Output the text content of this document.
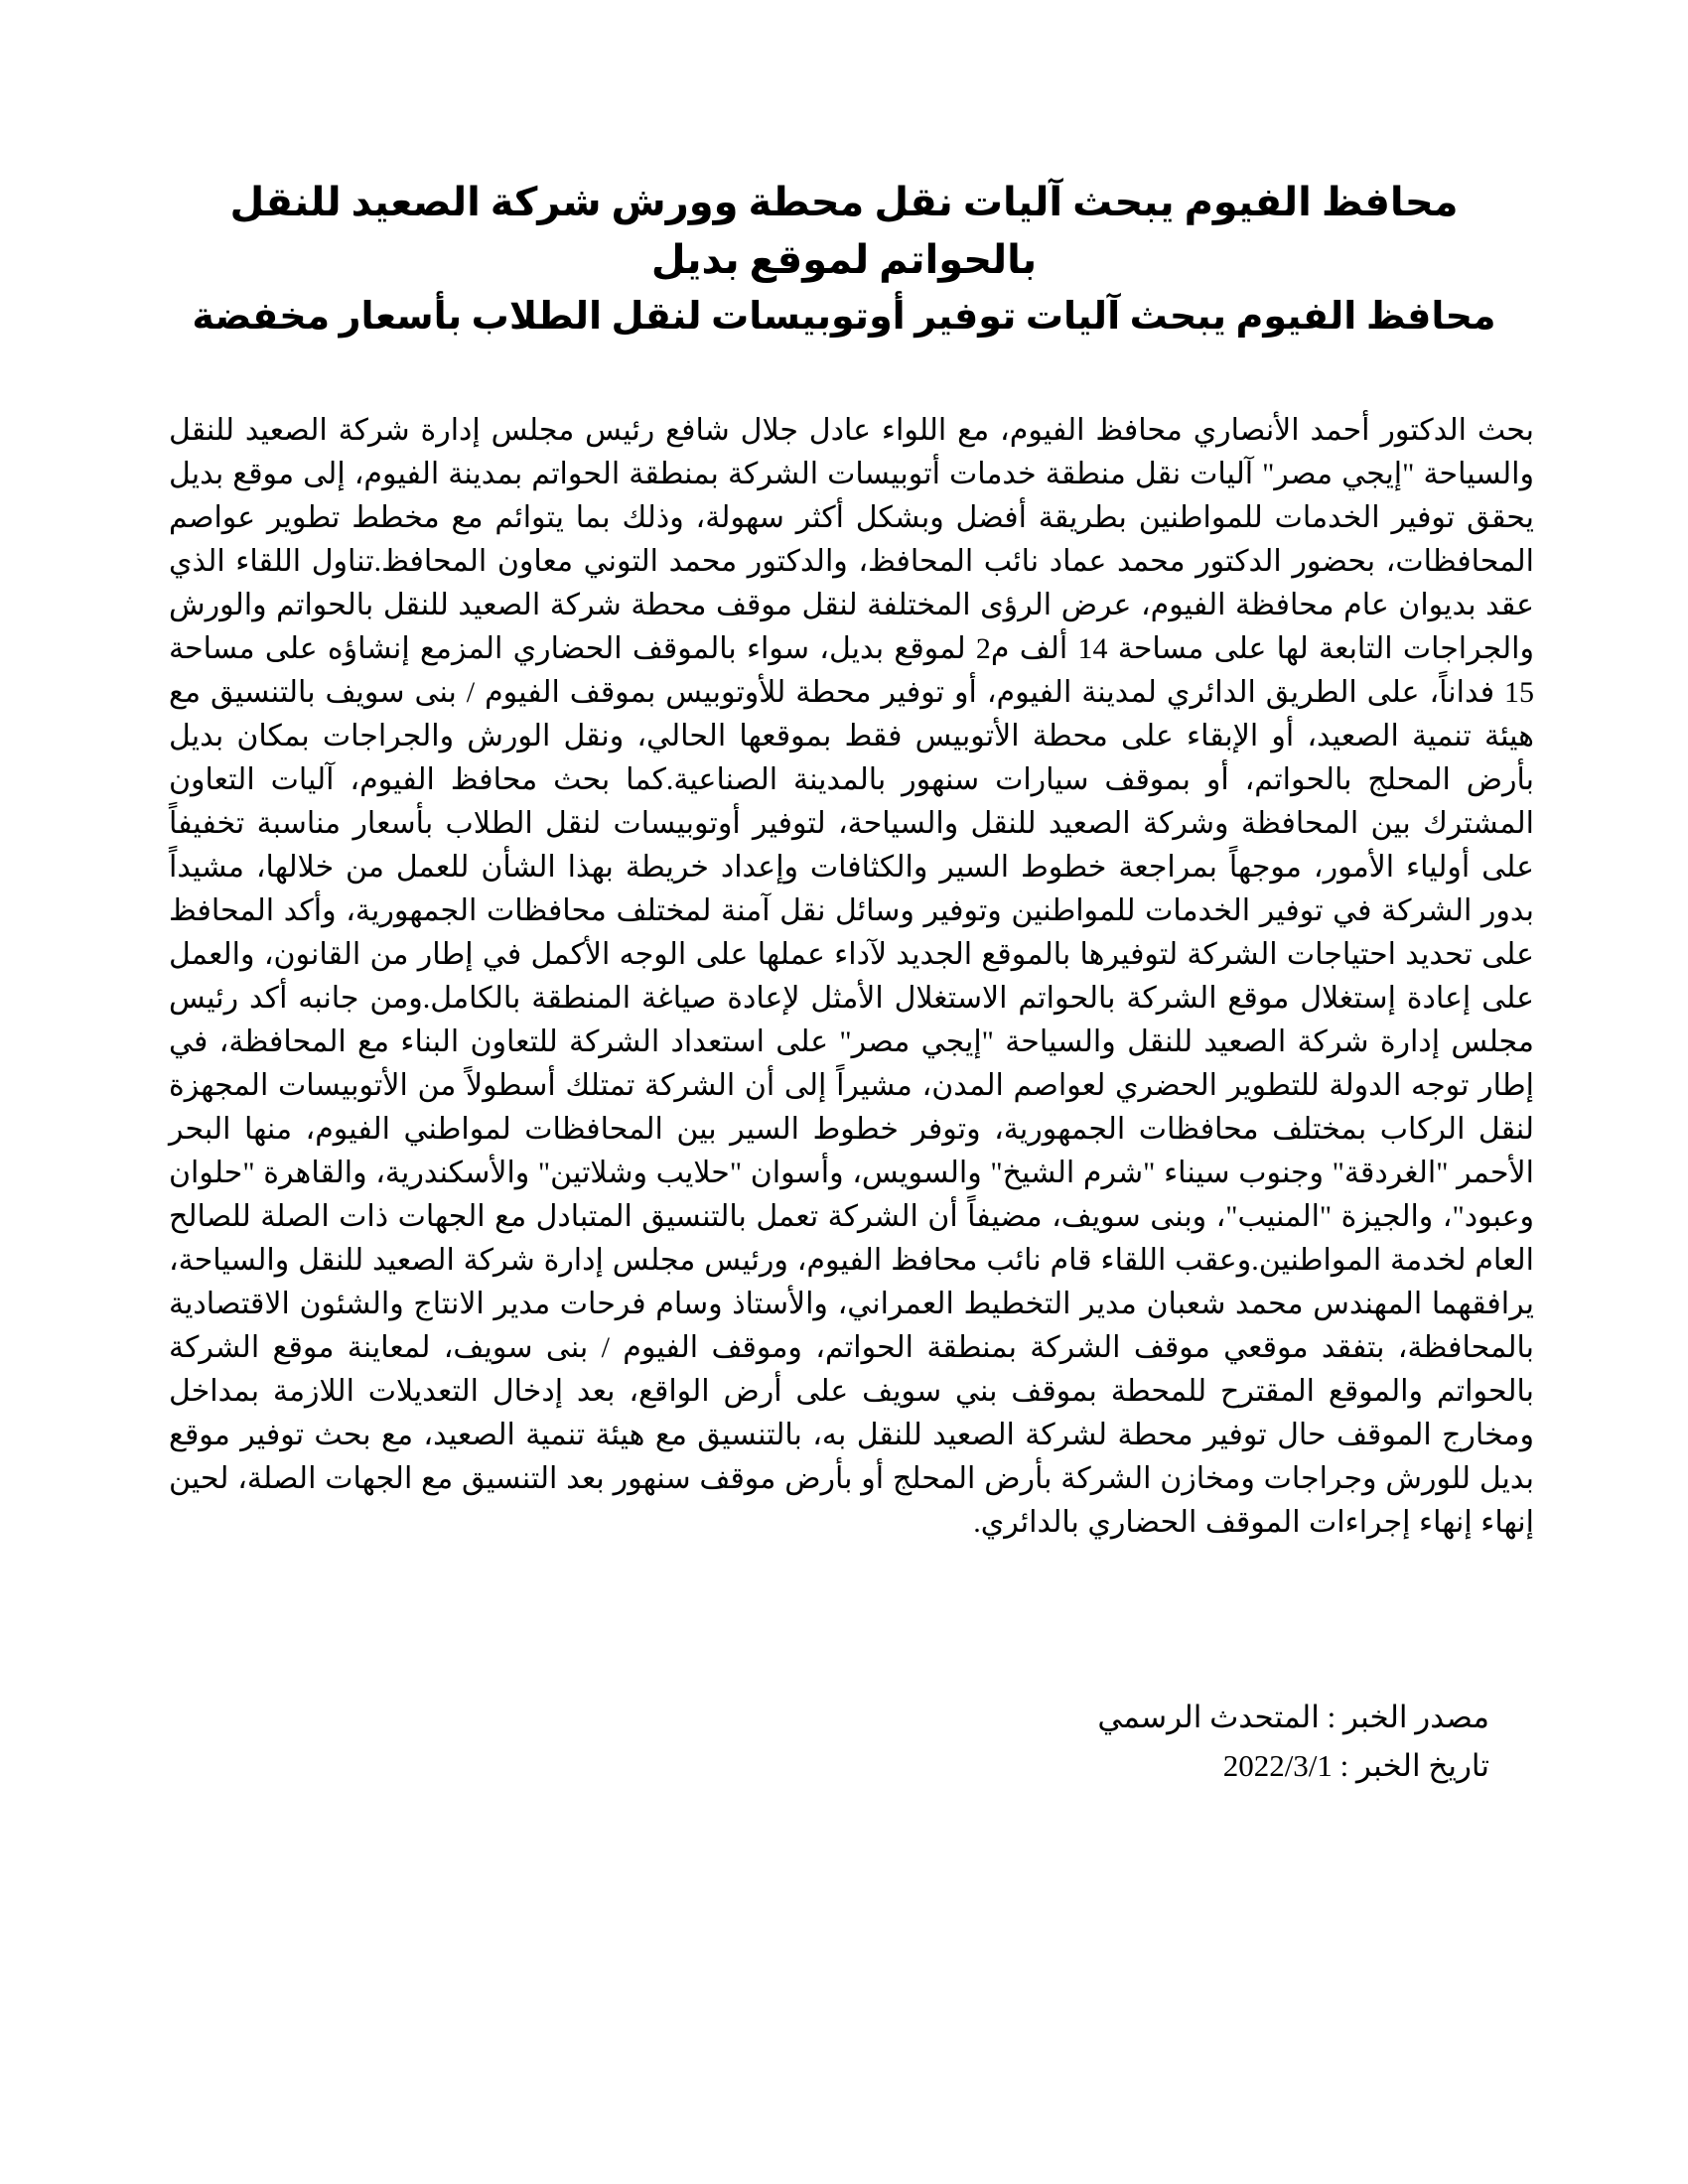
محافظ الفيوم يبحث آليات نقل محطة وورش شركة الصعيد للنقل بالحواتم لموقع بديل
محافظ الفيوم يبحث آليات توفير أوتوبيسات لنقل الطلاب بأسعار مخفضة

بحث الدكتور أحمد الأنصاري محافظ الفيوم، مع اللواء عادل جلال شافع رئيس مجلس إدارة شركة الصعيد للنقل والسياحة "إيجي مصر" آليات نقل منطقة خدمات أتوبيسات الشركة بمنطقة الحواتم بمدينة الفيوم، إلى موقع بديل يحقق توفير الخدمات للمواطنين بطريقة أفضل وبشكل أكثر سهولة، وذلك بما يتوائم مع مخطط تطوير عواصم المحافظات، بحضور الدكتور محمد عماد نائب المحافظ، والدكتور محمد التوني معاون المحافظ.تناول اللقاء الذي عقد بديوان عام محافظة الفيوم، عرض الرؤى المختلفة لنقل موقف محطة شركة الصعيد للنقل بالحواتم والورش والجراجات التابعة لها على مساحة 14 ألف م2 لموقع بديل، سواء بالموقف الحضاري المزمع إنشاؤه على مساحة 15 فداناً، على الطريق الدائري لمدينة الفيوم، أو توفير محطة للأوتوبيس بموقف الفيوم / بنى سويف بالتنسيق مع هيئة تنمية الصعيد، أو الإبقاء على محطة الأتوبيس فقط بموقعها الحالي، ونقل الورش والجراجات بمكان بديل بأرض المحلج بالحواتم، أو بموقف سيارات سنهور بالمدينة الصناعية.كما بحث محافظ الفيوم، آليات التعاون المشترك بين المحافظة وشركة الصعيد للنقل والسياحة، لتوفير أوتوبيسات لنقل الطلاب بأسعار مناسبة تخفيفاً على أولياء الأمور، موجهاً بمراجعة خطوط السير والكثافات وإعداد خريطة بهذا الشأن للعمل من خلالها، مشيداً بدور الشركة في توفير الخدمات للمواطنين وتوفير وسائل نقل آمنة لمختلف محافظات الجمهورية، وأكد المحافظ على تحديد احتياجات الشركة لتوفيرها بالموقع الجديد لآداء عملها على الوجه الأكمل في إطار من القانون، والعمل على إعادة إستغلال موقع الشركة بالحواتم الاستغلال الأمثل لإعادة صياغة المنطقة بالكامل.ومن جانبه أكد رئيس مجلس إدارة شركة الصعيد للنقل والسياحة "إيجي مصر" على استعداد الشركة للتعاون البناء مع المحافظة، في إطار توجه الدولة للتطوير الحضري لعواصم المدن، مشيراً إلى أن الشركة تمتلك أسطولاً من الأتوبيسات المجهزة لنقل الركاب بمختلف محافظات الجمهورية، وتوفر خطوط السير بين المحافظات لمواطني الفيوم، منها البحر الأحمر "الغردقة" وجنوب سيناء "شرم الشيخ" والسويس، وأسوان "حلايب وشلاتين" والأسكندرية، والقاهرة "حلوان وعبود"، والجيزة "المنيب"، وبنى سويف، مضيفاً أن الشركة تعمل بالتنسيق المتبادل مع الجهات ذات الصلة للصالح العام لخدمة المواطنين.وعقب اللقاء قام نائب محافظ الفيوم، ورئيس مجلس إدارة شركة الصعيد للنقل والسياحة، يرافقهما المهندس محمد شعبان مدير التخطيط العمراني، والأستاذ وسام فرحات مدير الانتاج والشئون الاقتصادية بالمحافظة، بتفقد موقعي موقف الشركة بمنطقة الحواتم، وموقف الفيوم / بنى سويف، لمعاينة موقع الشركة بالحواتم والموقع المقترح للمحطة بموقف بني سويف على أرض الواقع، بعد إدخال التعديلات اللازمة بمداخل ومخارج الموقف حال توفير محطة لشركة الصعيد للنقل به، بالتنسيق مع هيئة تنمية الصعيد، مع بحث توفير موقع بديل للورش وجراجات ومخازن الشركة بأرض المحلج أو بأرض موقف سنهور بعد التنسيق مع الجهات الصلة، لحين إنهاء إنهاء إجراءات الموقف الحضاري بالدائري.

مصدر الخبر : المتحدث الرسمي
تاريخ الخبر : 2022/3/1
